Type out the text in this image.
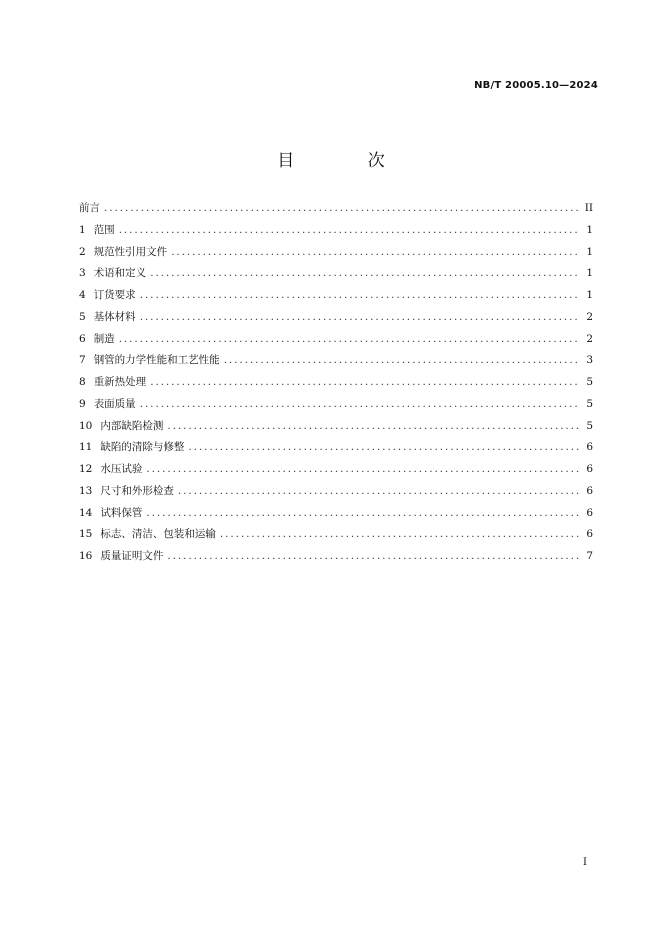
NB/T 20005.10—2024
目 次
前言 .....	II
1 范围 .....	1
2 规范性引用文件 .....	1
3 术语和定义 .....	1
4 订货要求 .....	1
5 基体材料 .....	2
6 制造 .....	2
7 钢管的力学性能和工艺性能 .....	3
8 重新热处理 .....	5
9 表面质量 .....	5
10 内部缺陷检测 .....	5
11 缺陷的清除与修整 .....	6
12 水压试验 .....	6
13 尺寸和外形检查 .....	6
14 试料保管 .....	6
15 标志、清洁、包装和运输 .....	6
16 质量证明文件 .....	7
I
